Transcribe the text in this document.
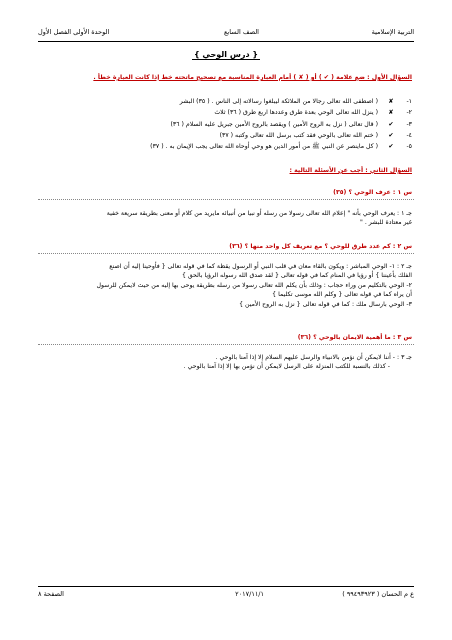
التربية الإسلامية
الصف السابع
الوحدة الأولى الفصل الأول
{ درس الوحي }
السؤال الأول : ضع علامة ( ✔ ) أو ( ✘ ) أمام العبارة المناسبة مع تصحيح ماتحته خط إذا كانت العبارة خطأ .
١-✘( اصطفى الله تعالى رجالا من الملائكة ليبلغوا رسالاته إلى الناس . ( ٣٥) البشر
٢-✘( ينزل الله تعالى الوحي بعدة طرق وعددها اربع طرق ( ٣٦) ثلاث
٣-✔( قال تعالى ( نزل به الروح الأمين ) ويقصد بالروح الأمين جبريل عليه السلام ( ٣٦)
٤-✔( ختم الله تعالى بالوحي فقد كتب برسل الله تعالى وكتبه ( ٣٧)
٥-✔( كل ماينصر عن النبي ﷺ من أمور الدين هو وحي أوحاه الله تعالى يجب الإيمان به . ( ٣٧)
السؤال الثاني : أجب عن الأسئلة التالية :
س ١ : عرف الوحي ؟ (٣٥)
جـ ١ : يعرف الوحي بأنه " إعلام الله تعالى رسولا من رسله أو نبيا من أنبيائه مايريد من كلام أو معنى بطريقة سريعة خفية
غير معتادة للبشر . "
س ٢ : كم عدد طرق للوحي ؟ مع تعريف كل واحد منها ؟ (٣٦)
جـ ٢ : ١- الوحي المباشر : ويكون بالقاء معان في قلب النبي أو الرسول يقظة كما في قوله تعالى { فأوحينا إليه أن اصنع
الفلك بأعيننا } أو رؤيا في المنام كما في قوله تعالى { لقد صدق الله رسوله الرؤيا بالحق }
٢- الوحي بالتكليم من وراء حجاب : وذلك بأن يكلم الله تعالى رسولا من رسله بطريقة يوحى بها إليه من حيث لايمكن للرسول
أن يراه كما في قوله تعالى { وكلم الله موسى تكليما }
٣- الوحي بارسال ملك : كما في قوله تعالى { نزل به الروح الأمين }
س ٣ : ما أهمية الايمان بالوحي ؟ (٣٦)
جـ ٣ : - أننا لايمكن أن نؤمن بالانبياء والرسل عليهم السلام إلا إذا آمنا بالوحي .
- كذلك بالنسبة للكتب المنزلة على الرسل لايمكن أن نؤمن بها إلا إذا آمنا بالوحي .
ع م الحسان ( ٩٩٤٩٣٩٢٣ )
٢٠١٧/١١/١
الصفحة ٨
